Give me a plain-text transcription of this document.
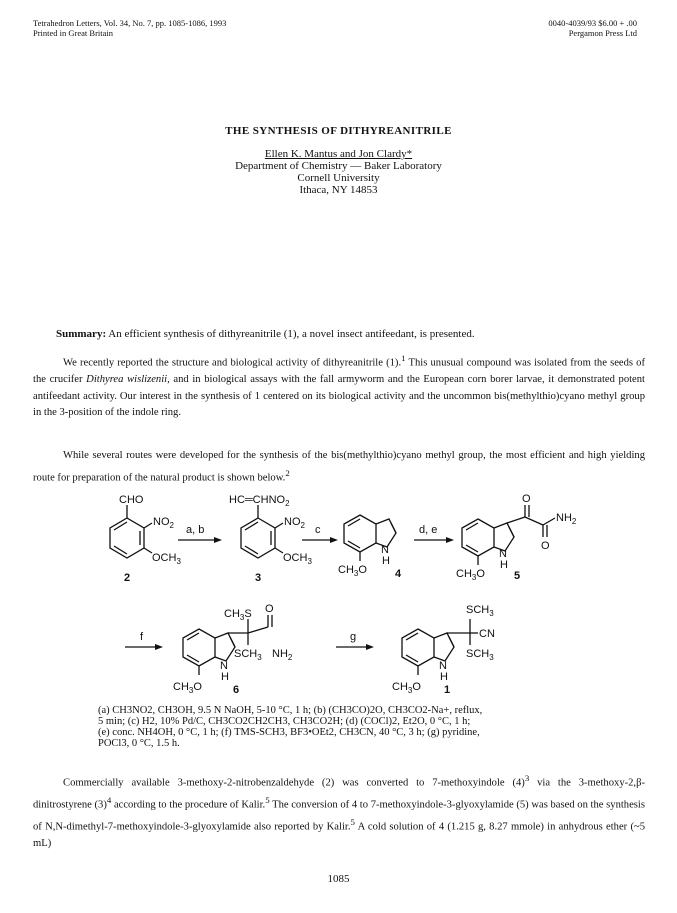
Tetrahedron Letters, Vol. 34, No. 7, pp. 1085-1086, 1993
Printed in Great Britain
0040-4039/93 $6.00 + .00
Pergamon Press Ltd
THE SYNTHESIS OF DITHYREANITRILE
Ellen K. Mantus and Jon Clardy*
Department of Chemistry — Baker Laboratory
Cornell University
Ithaca, NY 14853
Summary: An efficient synthesis of dithyreanitrile (1), a novel insect antifeedant, is presented.
We recently reported the structure and biological activity of dithyreanitrile (1).$^1$ This unusual compound was isolated from the seeds of the crucifer Dithyrea wislizenii, and in biological assays with the fall armyworm and the European corn borer larvae, it demonstrated potent antifeedant activity. Our interest in the synthesis of 1 centered on its biological activity and the uncommon bis(methylthio)cyano methyl group in the 3-position of the indole ring.
While several routes were developed for the synthesis of the bis(methylthio)cyano methyl group, the most efficient and high yielding route for preparation of the natural product is shown below.$^2$
CHO
$NO_2$
$OCH_3$
2
a, b
$HC═CHNO_2$
$NO_2$
$OCH_3$
3
c
N
H
$CH_3O$	4
d, e
O
O
$NH_2$
N
H
$CH_3O$	5
f
$CH_3S$ O
$SCH_3$ $NH_2$
N
H
$CH_3O$	6
g
$SCH_3$
CN
$SCH_3$
N
H
$CH_3O$ 1
(a) CH3NO2, CH3OH, 9.5 N NaOH, 5-10 °C, 1 h; (b) (CH3CO)2O, CH3CO2-Na+, reflux,
5 min; (c) H2, 10% Pd/C, CH3CO2CH2CH3, CH3CO2H; (d) (COCl)2, Et2O, 0 °C, 1 h;
(e) conc. NH4OH, 0 °C, 1 h; (f) TMS-SCH3, BF3•OEt2, CH3CN, 40 °C, 3 h; (g) pyridine,
POCl3, 0 °C, 1.5 h.
Commercially available 3-methoxy-2-nitrobenzaldehyde (2) was converted to 7-methoxyindole $(4)^3$ via the 3-methoxy-2,β-dinitrostyrene $(3)^4$ according to the procedure of Kalir.$^5$ The conversion of 4 to 7-methoxyindole-3-glyoxylamide (5) was based on the synthesis of N,N-dimethyl-7-methoxyindole-3-glyoxylamide also reported by Kalir.$^5$ A cold solution of 4 (1.215 g, 8.27 mmole) in anhydrous ether (~5 mL)
1085
